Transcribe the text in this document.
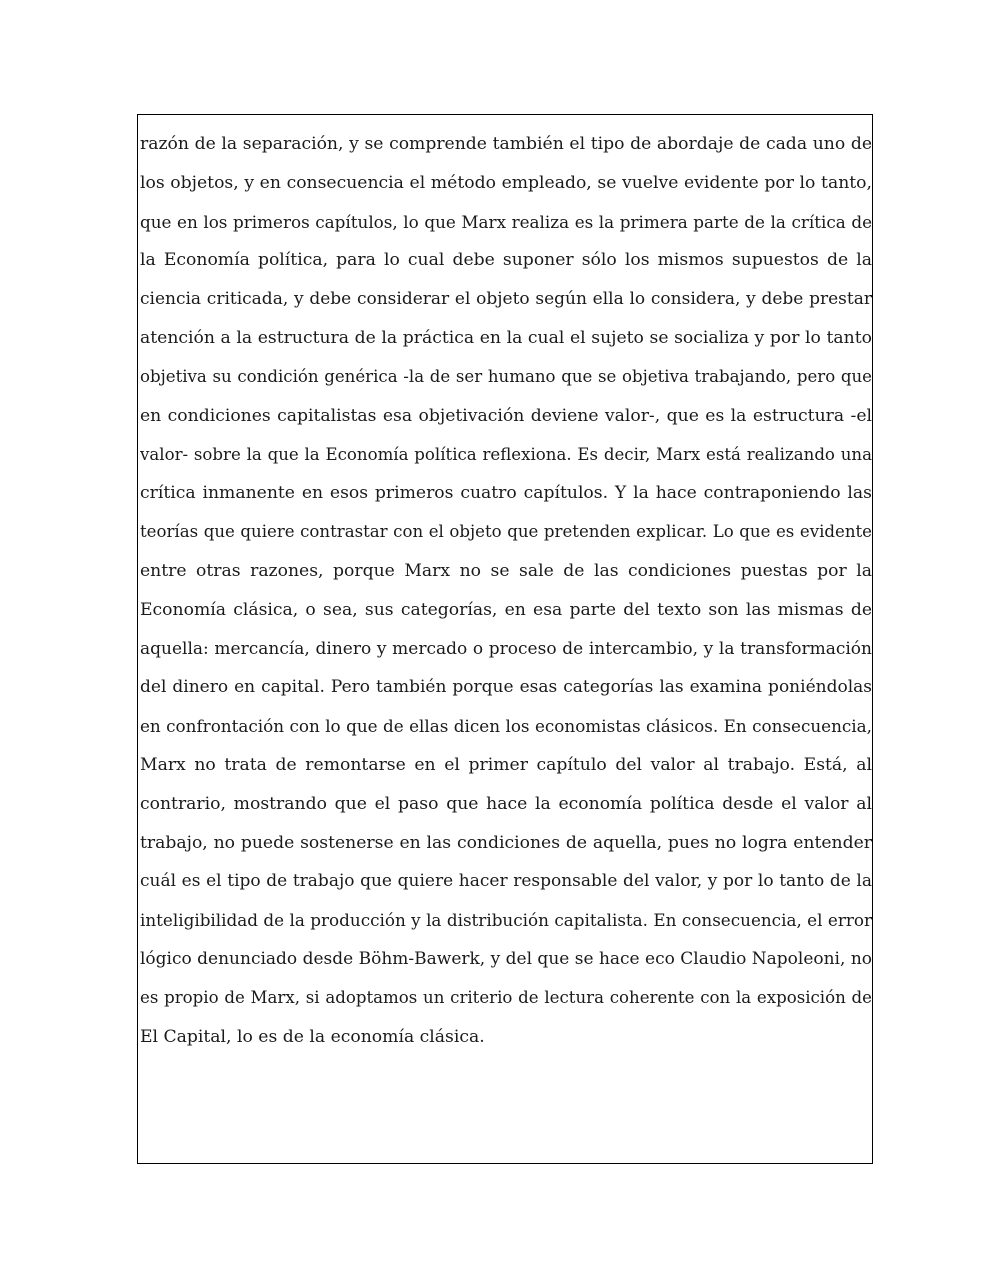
razón de la separación, y se comprende también el tipo de abordaje de cada uno de
los objetos, y en consecuencia el método empleado, se vuelve evidente por lo tanto,
que en los primeros capítulos, lo que Marx realiza es la primera parte de la crítica de
la Economía política, para lo cual debe suponer sólo los mismos supuestos de la
ciencia criticada, y debe considerar el objeto según ella lo considera, y debe prestar
atención a la estructura de la práctica en la cual el sujeto se socializa y por lo tanto
objetiva su condición genérica -la de ser humano que se objetiva trabajando, pero que
en condiciones capitalistas esa objetivación deviene valor-, que es la estructura -el
valor- sobre la que la Economía política reflexiona. Es decir, Marx está realizando una
crítica inmanente en esos primeros cuatro capítulos. Y la hace contraponiendo las
teorías que quiere contrastar con el objeto que pretenden explicar. Lo que es evidente
entre otras razones, porque Marx no se sale de las condiciones puestas por la
Economía clásica, o sea, sus categorías, en esa parte del texto son las mismas de
aquella: mercancía, dinero y mercado o proceso de intercambio, y la transformación
del dinero en capital. Pero también porque esas categorías las examina poniéndolas
en confrontación con lo que de ellas dicen los economistas clásicos. En consecuencia,
Marx no trata de remontarse en el primer capítulo del valor al trabajo. Está, al
contrario, mostrando que el paso que hace la economía política desde el valor al
trabajo, no puede sostenerse en las condiciones de aquella, pues no logra entender
cuál es el tipo de trabajo que quiere hacer responsable del valor, y por lo tanto de la
inteligibilidad de la producción y la distribución capitalista. En consecuencia, el error
lógico denunciado desde Böhm-Bawerk, y del que se hace eco Claudio Napoleoni, no
es propio de Marx, si adoptamos un criterio de lectura coherente con la exposición de
El Capital, lo es de la economía clásica.
